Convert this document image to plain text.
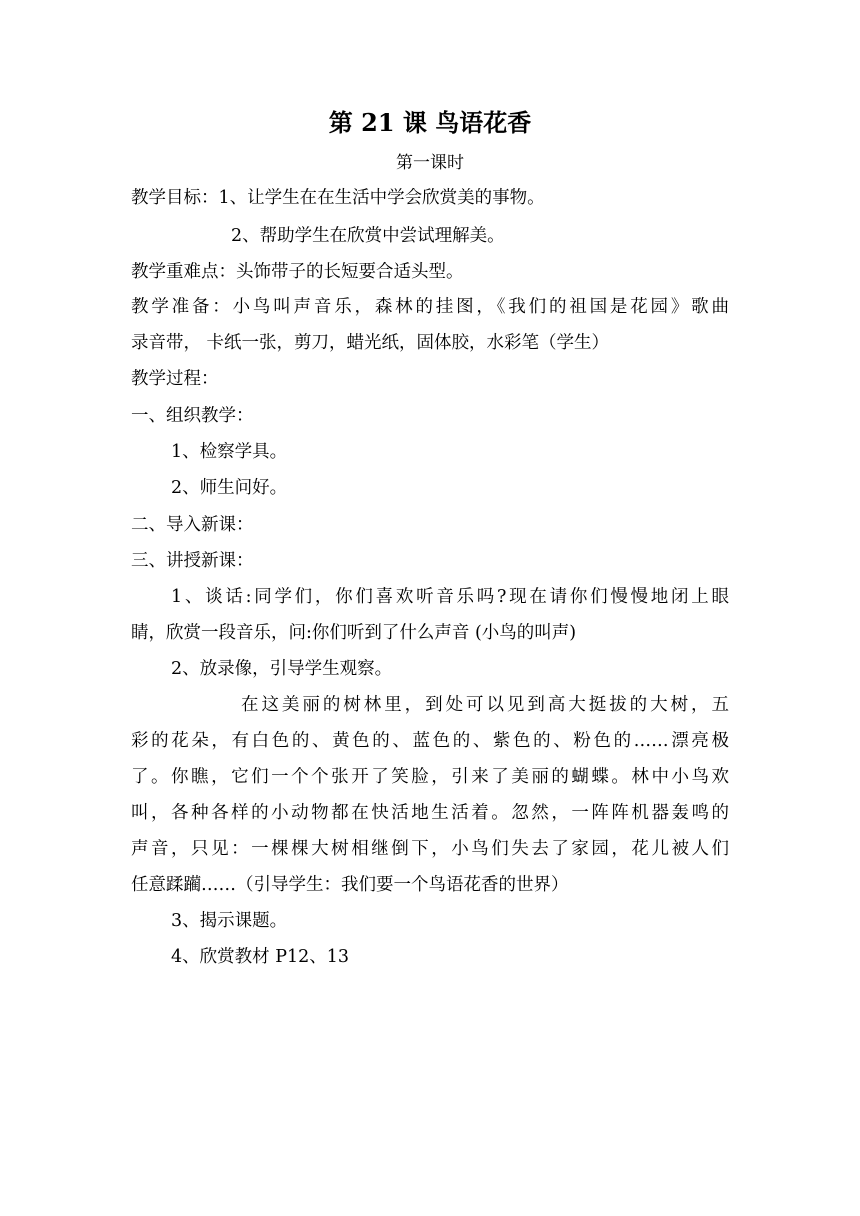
第 21 课 鸟语花香
第一课时
教学目标：1、让学生在在生活中学会欣赏美的事物。
2、帮助学生在欣赏中尝试理解美。
教学重难点：头饰带子的长短要合适头型。
教学准备：小鸟叫声音乐，森林的挂图，《我们的祖国是花园》歌曲
录音带， 卡纸一张，剪刀，蜡光纸，固体胶，水彩笔（学生）
教学过程：
一、组织教学：
1、检察学具。
2、师生问好。
二、导入新课：
三、讲授新课：
1、谈话:同学们，你们喜欢听音乐吗?现在请你们慢慢地闭上眼
睛，欣赏一段音乐，问:你们听到了什么声音 (小鸟的叫声)
2、放录像，引导学生观察。
在这美丽的树林里，到处可以见到高大挺拔的大树，五
彩的花朵，有白色的、黄色的、蓝色的、紫色的、粉色的……漂亮极
了。你瞧，它们一个个张开了笑脸，引来了美丽的蝴蝶。林中小鸟欢
叫，各种各样的小动物都在快活地生活着。忽然，一阵阵机器轰鸣的
声音，只见：一棵棵大树相继倒下，小鸟们失去了家园，花儿被人们
任意蹂躏……（引导学生：我们要一个鸟语花香的世界）
3、揭示课题。
4、欣赏教材 P12、13
